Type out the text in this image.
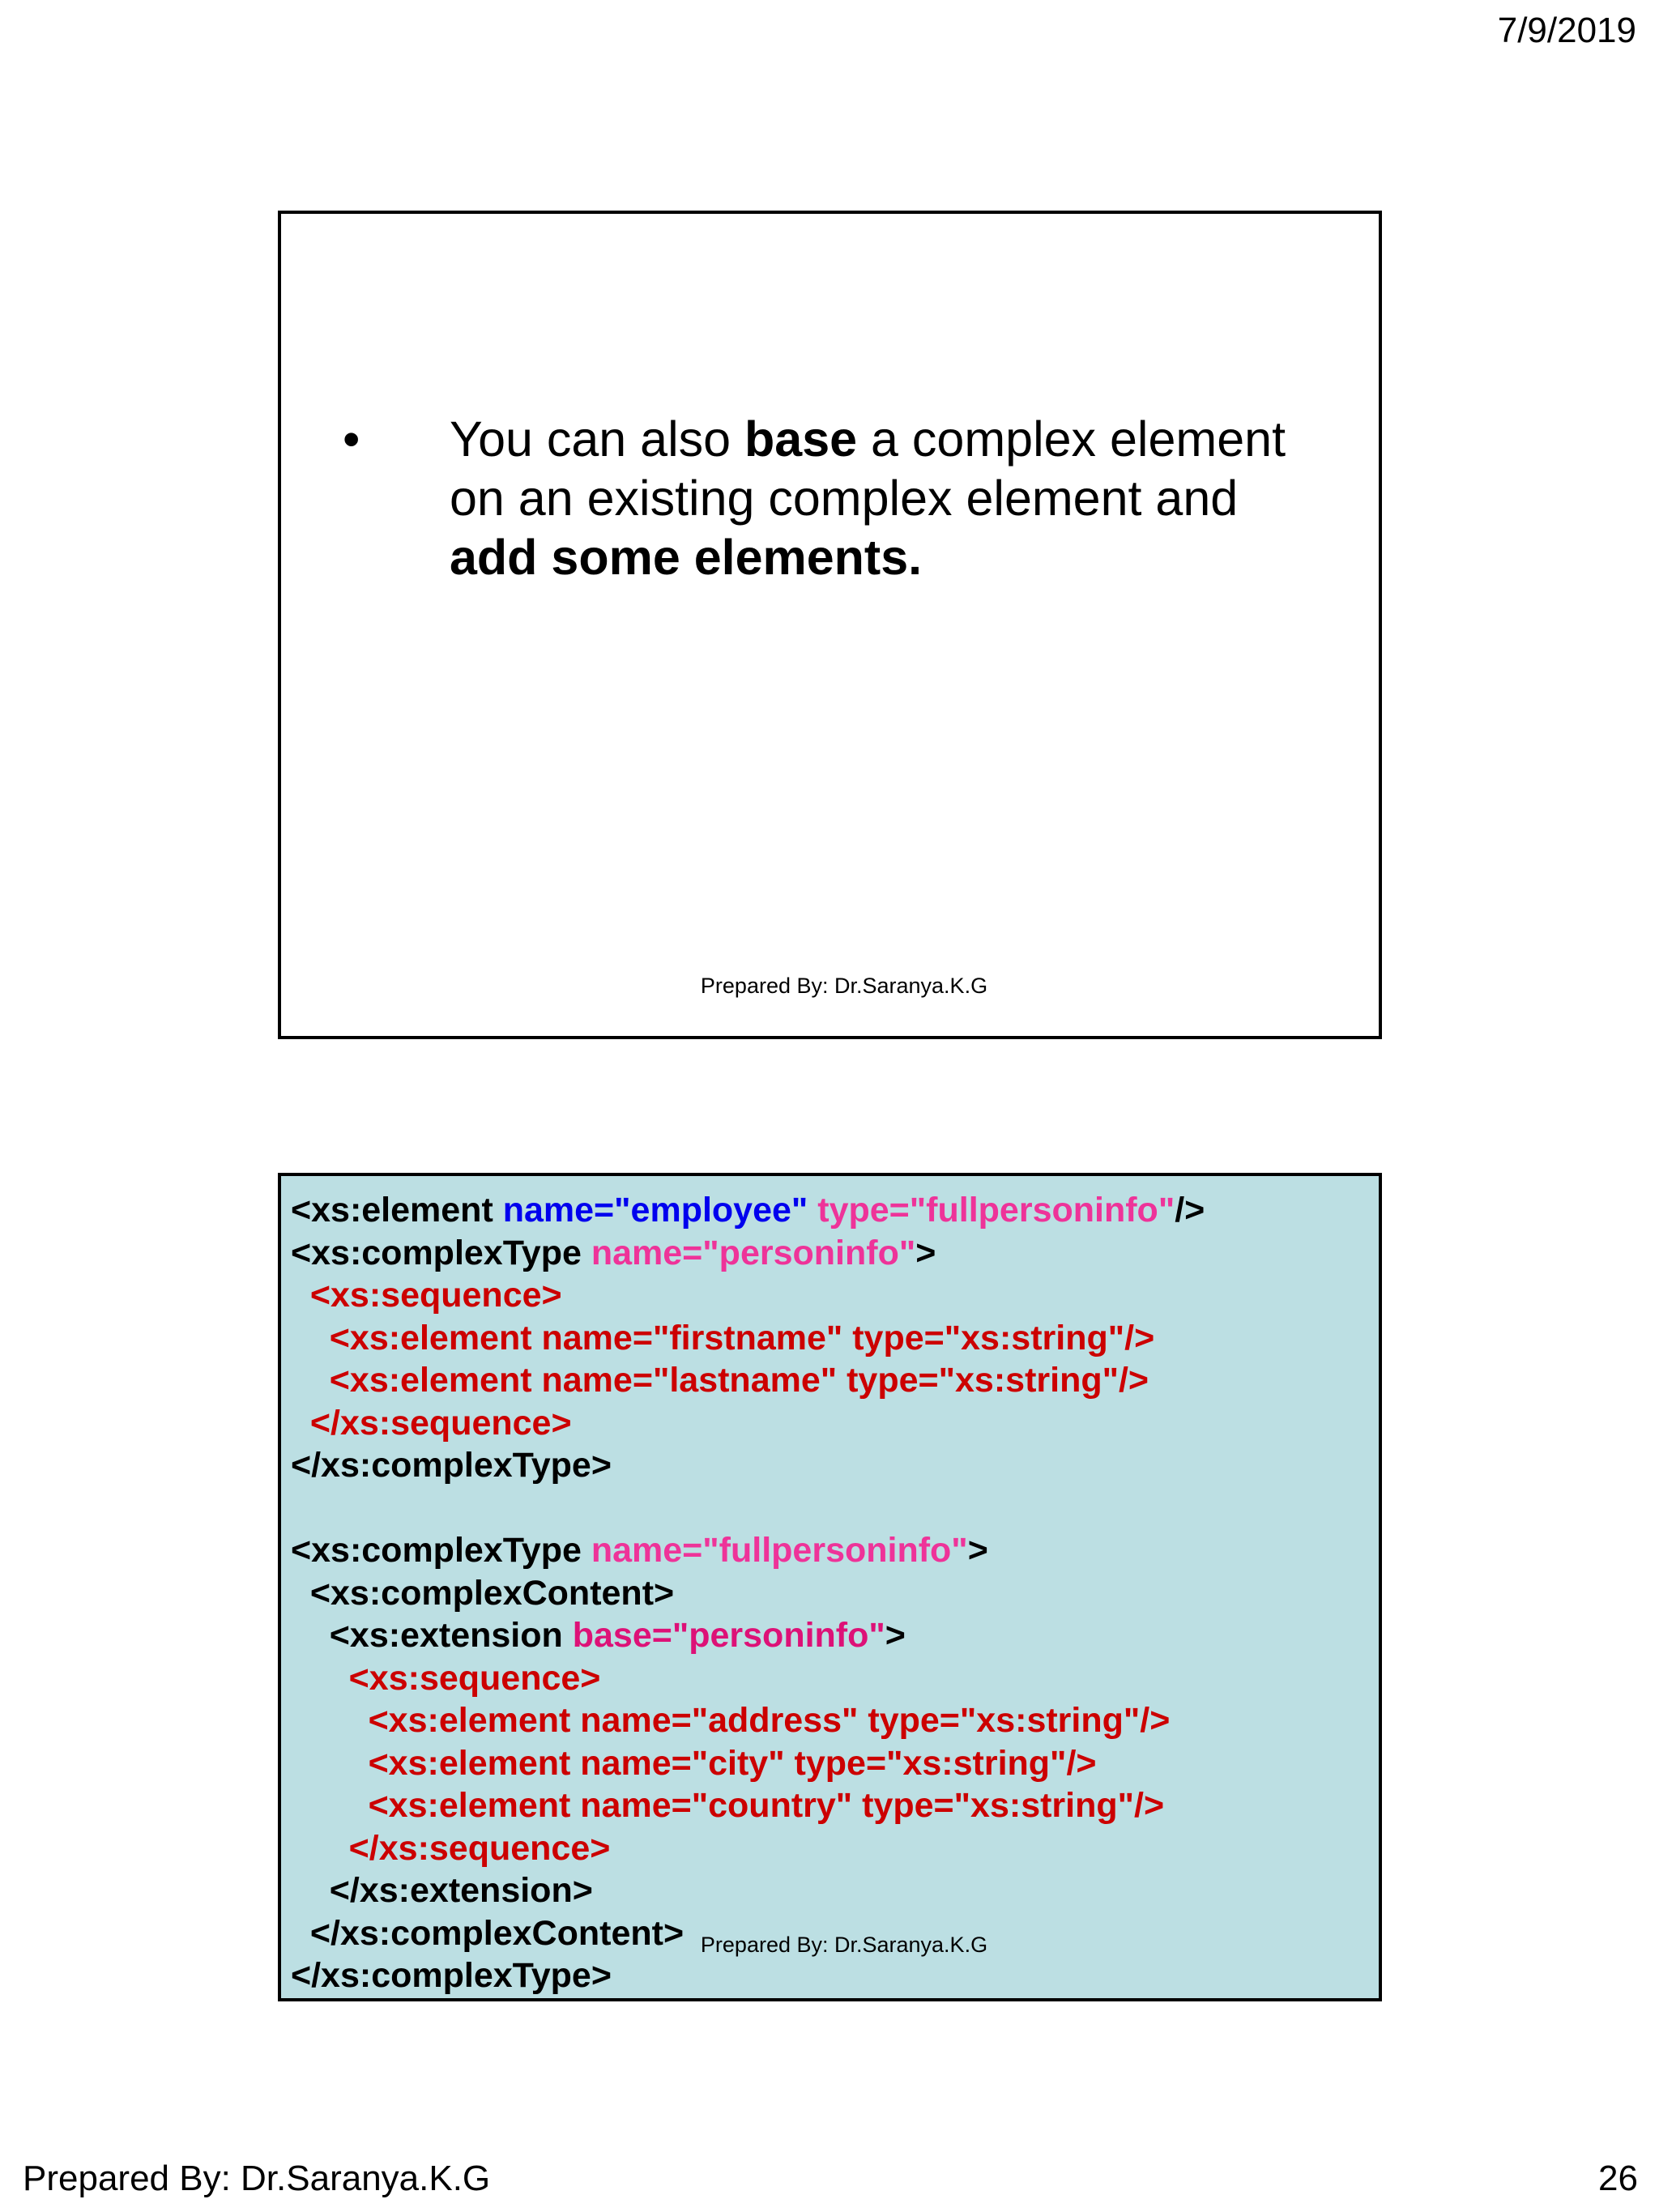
7/9/2019
• You can also base a complex element on an existing complex element and add some elements.
Prepared By: Dr.Saranya.K.G
<xs:element name="employee" type="fullpersoninfo"/>
<xs:complexType name="personinfo">
<xs:sequence>
<xs:element name="firstname" type="xs:string"/>
<xs:element name="lastname" type="xs:string"/>
</xs:sequence>
</xs:complexType>
<xs:complexType name="fullpersoninfo">
<xs:complexContent>
<xs:extension base="personinfo">
<xs:sequence>
<xs:element name="address" type="xs:string"/>
<xs:element name="city" type="xs:string"/>
<xs:element name="country" type="xs:string"/>
</xs:sequence>
</xs:extension>
</xs:complexContent>
</xs:complexType>
Prepared By: Dr.Saranya.K.G
Prepared By: Dr.Saranya.K.G	26
